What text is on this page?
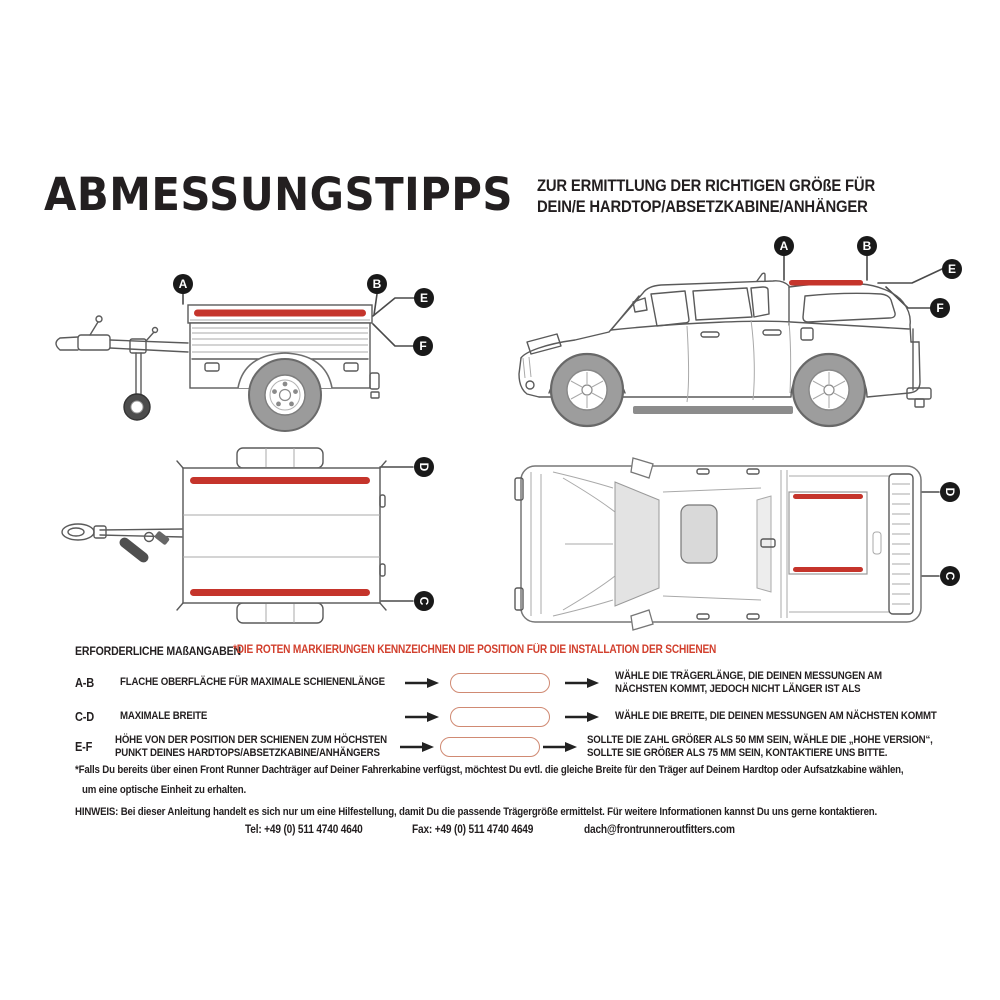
ABMESSUNGSTIPPS ZUR ERMITTLUNG DER RICHTIGEN GRÖßE FÜR
DEIN/E HARDTOP/ABSETZKABINE/ANHÄNGER
A	B
E
F
A	B
E
F
D
C
D
C
ERFORDERLICHE MAßANGABEN
*DIE ROTEN MARKIERUNGEN KENNZEICHNEN DIE POSITION FÜR DIE INSTALLATION DER SCHIENEN
A-B	FLACHE OBERFLÄCHE FÜR MAXIMALE SCHIENENLÄNGE
WÄHLE DIE TRÄGERLÄNGE, DIE DEINEN MESSUNGEN AM
NÄCHSTEN KOMMT, JEDOCH NICHT LÄNGER IST ALS
C-D	MAXIMALE BREITE	WÄHLE DIE BREITE, DIE DEINEN MESSUNGEN AM NÄCHSTEN KOMMT
E-F	HÖHE VON DER POSITION DER SCHIENEN ZUM HÖCHSTEN
PUNKT DEINES HARDTOPS/ABSETZKABINE/ANHÄNGERS
SOLLTE DIE ZAHL GRÖßER ALS 50 MM SEIN, WÄHLE DIE „HOHE VERSION“,
SOLLTE SIE GRÖßER ALS 75 MM SEIN, KONTAKTIERE UNS BITTE.
*Falls Du bereits über einen Front Runner Dachträger auf Deiner Fahrerkabine verfügst, möchtest Du evtl. die gleiche Breite für den Träger auf Deinem Hardtop oder Aufsatzkabine wählen,
um eine optische Einheit zu erhalten.
HINWEIS: Bei dieser Anleitung handelt es sich nur um eine Hilfestellung, damit Du die passende Trägergröße ermittelst. Für weitere Informationen kannst Du uns gerne kontaktieren.
Tel: +49 (0) 511 4740 4640	Fax: +49 (0) 511 4740 4649	dach@frontrunneroutfitters.com
